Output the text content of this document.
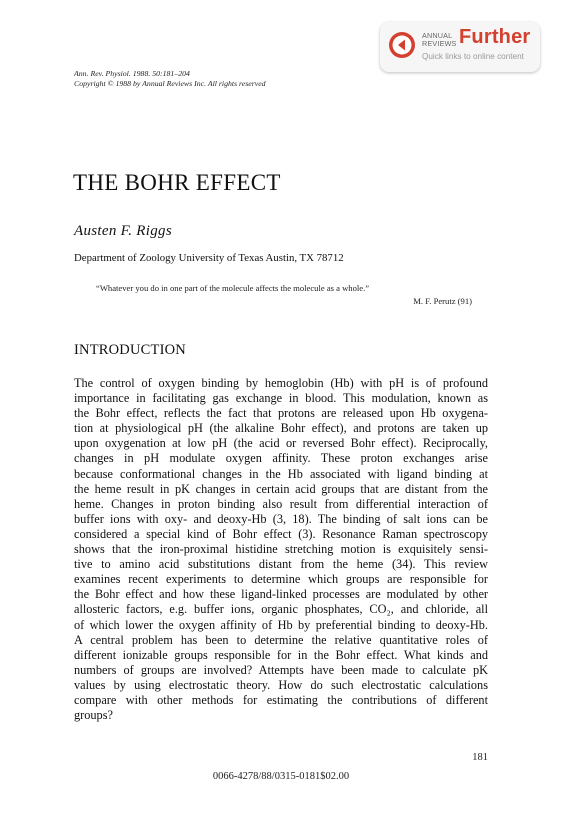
ANNUAL
REVIEWS Further
Quick links to online content
Ann. Rev. Physiol. 1988. 50:181–204
Copyright © 1988 by Annual Reviews Inc. All rights reserved
THE BOHR EFFECT
Austen F. Riggs
Department of Zoology University of Texas Austin, TX 78712
“Whatever you do in one part of the molecule affects the molecule as a whole.”
M. F. Perutz (91)
INTRODUCTION
The control of oxygen binding by hemoglobin (Hb) with pH is of profound
importance in facilitating gas exchange in blood. This modulation, known as
the Bohr effect, reflects the fact that protons are released upon Hb oxygena-
tion at physiological pH (the alkaline Bohr effect), and protons are taken up
upon oxygenation at low pH (the acid or reversed Bohr effect). Reciprocally,
changes in pH modulate oxygen affinity. These proton exchanges arise
because conformational changes in the Hb associated with ligand binding at
the heme result in pK changes in certain acid groups that are distant from the
heme. Changes in proton binding also result from differential interaction of
buffer ions with oxy- and deoxy-Hb (3, 18). The binding of salt ions can be
considered a special kind of Bohr effect (3). Resonance Raman spectroscopy
shows that the iron-proximal histidine stretching motion is exquisitely sensi-
tive to amino acid substitutions distant from the heme (34). This review
examines recent experiments to determine which groups are responsible for
the Bohr effect and how these ligand-linked processes are modulated by other
allosteric factors, e.g. buffer ions, organic phosphates, CO₂, and chloride, all
of which lower the oxygen affinity of Hb by preferential binding to deoxy-Hb.
A central problem has been to determine the relative quantitative roles of
different ionizable groups responsible for in the Bohr effect. What kinds and
numbers of groups are involved? Attempts have been made to calculate pK
values by using electrostatic theory. How do such electrostatic calculations
compare with other methods for estimating the contributions of different
groups?
181
0066-4278/88/0315-0181$02.00
